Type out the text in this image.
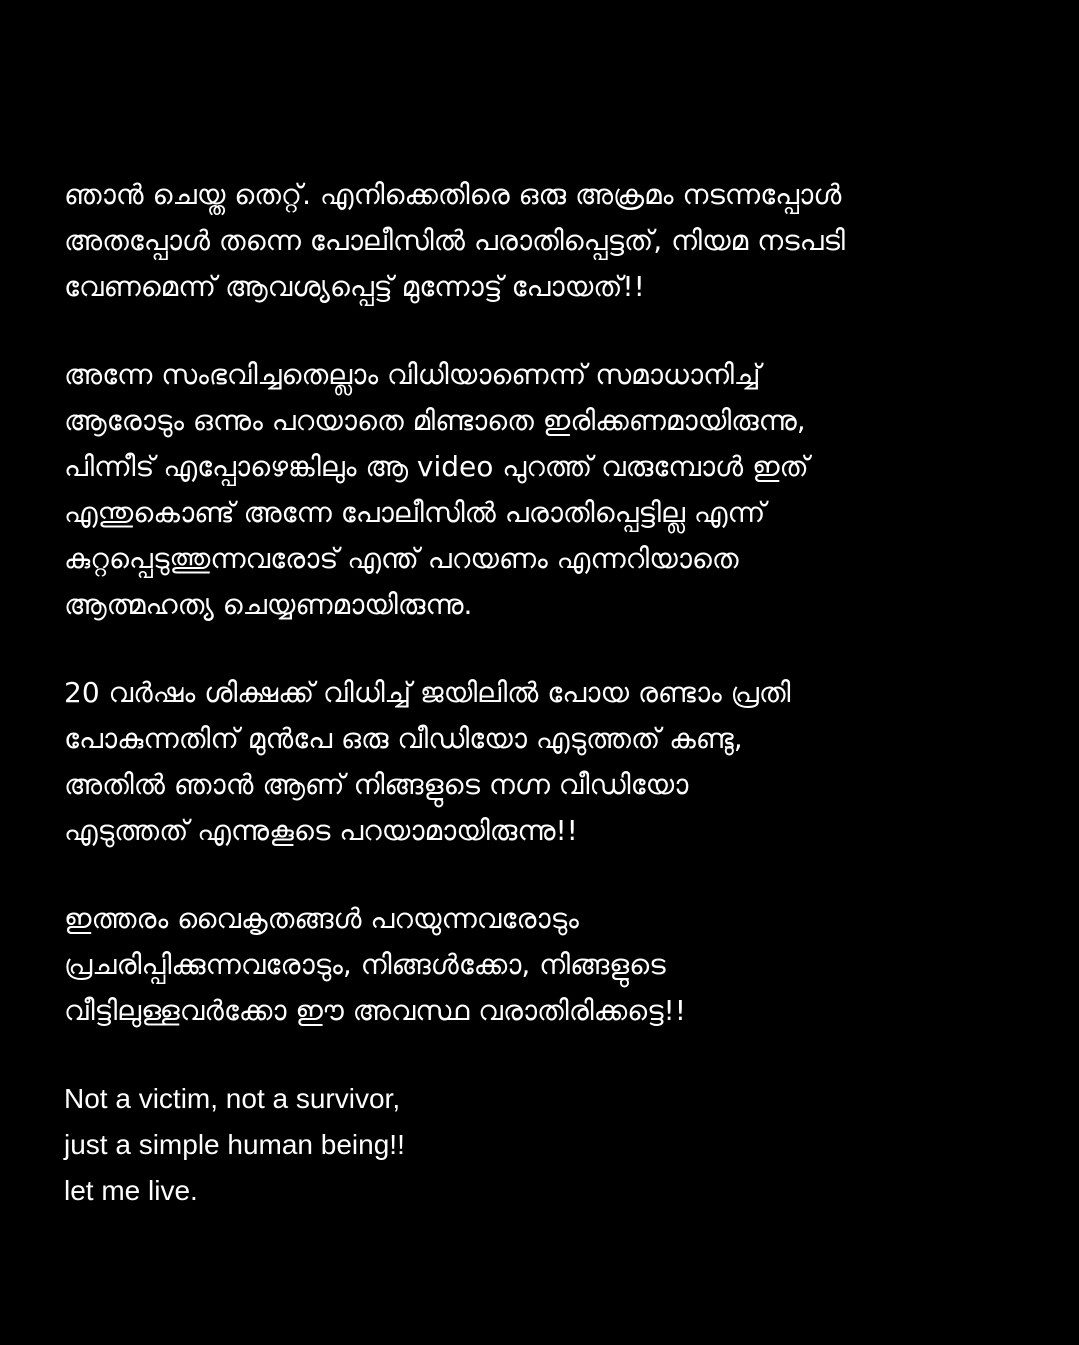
ഞാൻ ചെയ്ത തെറ്റ്. എനിക്കെതിരെ ഒരു അക്രമം നടന്നപ്പോൾ
അതപ്പോൾ തന്നെ പോലീസിൽ പരാതിപ്പെട്ടത്, നിയമ നടപടി
വേണമെന്ന് ആവശ്യപ്പെട്ട് മുന്നോട്ട് പോയത്!!

അന്നേ സംഭവിച്ചതെല്ലാം വിധിയാണെന്ന് സമാധാനിച്ച്
ആരോടും ഒന്നും പറയാതെ മിണ്ടാതെ ഇരിക്കണമായിരുന്നു,
പിന്നീട് എപ്പോഴെങ്കിലും ആ video പുറത്ത് വരുമ്പോൾ ഇത്
എന്തുകൊണ്ട് അന്നേ പോലീസിൽ പരാതിപ്പെട്ടില്ല എന്ന്
കുറ്റപ്പെടുത്തുന്നവരോട് എന്ത് പറയണം എന്നറിയാതെ
ആത്മഹത്യ ചെയ്യണമായിരുന്നു.

20 വർഷം ശിക്ഷക്ക് വിധിച്ച് ജയിലിൽ പോയ രണ്ടാം പ്രതി
പോകുന്നതിന് മുൻപേ ഒരു വീഡിയോ എടുത്തത് കണ്ടു,
അതിൽ ഞാൻ ആണ് നിങ്ങളുടെ നഗ്ന വീഡിയോ
എടുത്തത് എന്നുകൂടെ പറയാമായിരുന്നു!!

ഇത്തരം വൈകൃതങ്ങൾ പറയുന്നവരോടും
പ്രചരിപ്പിക്കുന്നവരോടും, നിങ്ങൾക്കോ, നിങ്ങളുടെ
വീട്ടിലുള്ളവർക്കോ ഈ അവസ്ഥ വരാതിരിക്കട്ടെ!!

Not a victim, not a survivor,
just a simple human being!!
let me live.
